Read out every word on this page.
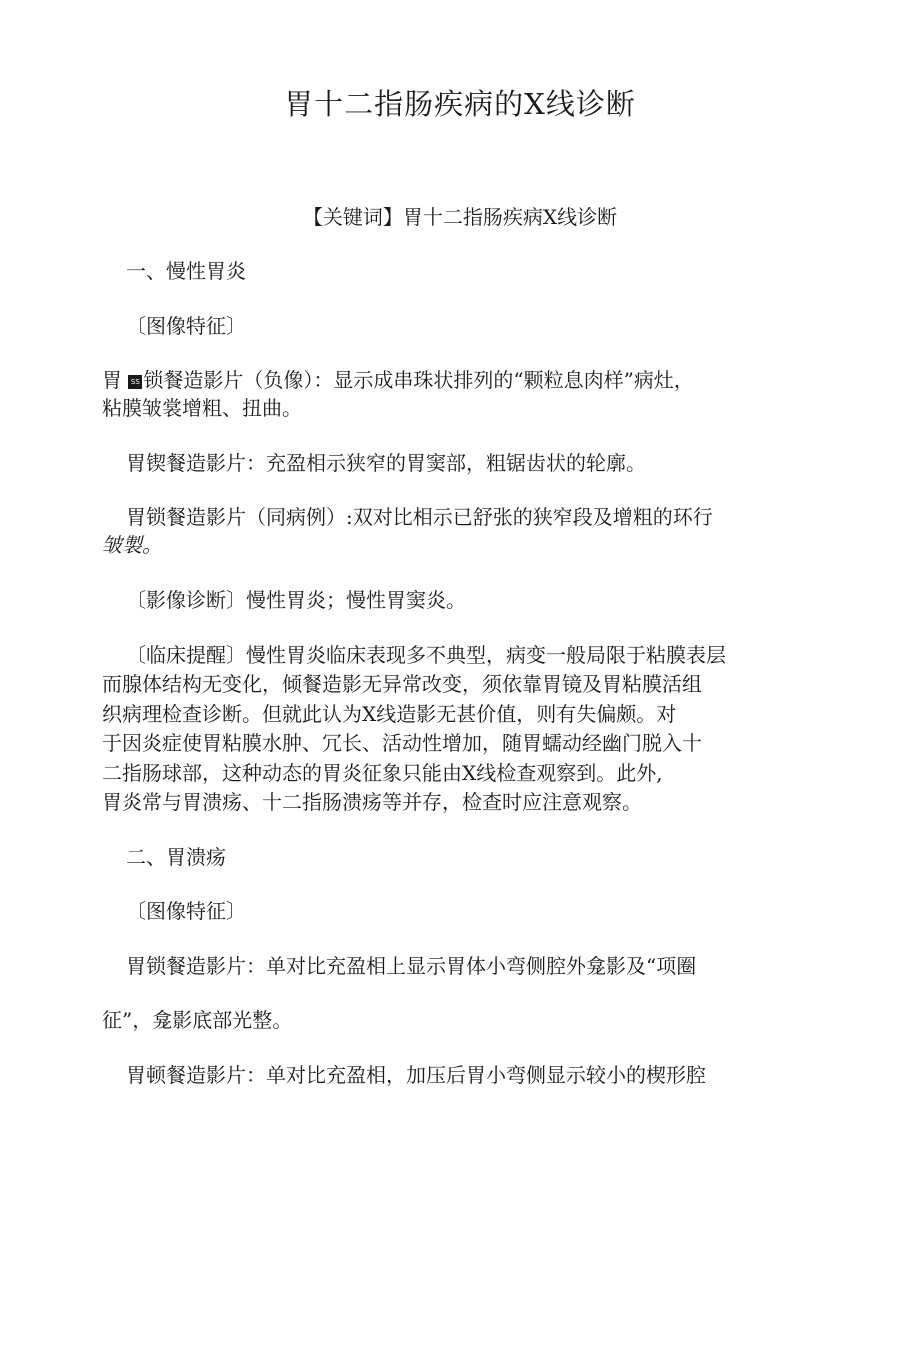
胃十二指肠疾病的X线诊断
【关键词】胃十二指肠疾病X线诊断
一、慢性胃炎
〔图像特征〕
胃 SS 锁餐造影片（负像）：显示成串珠状排列的“颗粒息肉样”病灶，
粘膜皱裳增粗、扭曲。
胃锲餐造影片：充盈相示狭窄的胃窦部，粗锯齿状的轮廓。
胃锁餐造影片（同病例）:双对比相示已舒张的狭窄段及增粗的环行
皱製。
〔影像诊断〕慢性胃炎；慢性胃窦炎。
〔临床提醒〕慢性胃炎临床表现多不典型，病变一般局限于粘膜表层
而腺体结构无变化，倾餐造影无异常改变，须依靠胃镜及胃粘膜活组
织病理检查诊断。但就此认为X线造影无甚价值，则有失偏颇。对
于因炎症使胃粘膜水肿、冗长、活动性增加，随胃蠕动经幽门脱入十
二指肠球部，这种动态的胃炎征象只能由X线检查观察到。此外,
胃炎常与胃溃疡、十二指肠溃疡等并存，检查时应注意观察。
二、胃溃疡
〔图像特征〕
胃锁餐造影片：单对比充盈相上显示胃体小弯侧腔外龛影及“项圈
征”，龛影底部光整。
胃顿餐造影片：单对比充盈相，加压后胃小弯侧显示较小的楔形腔
